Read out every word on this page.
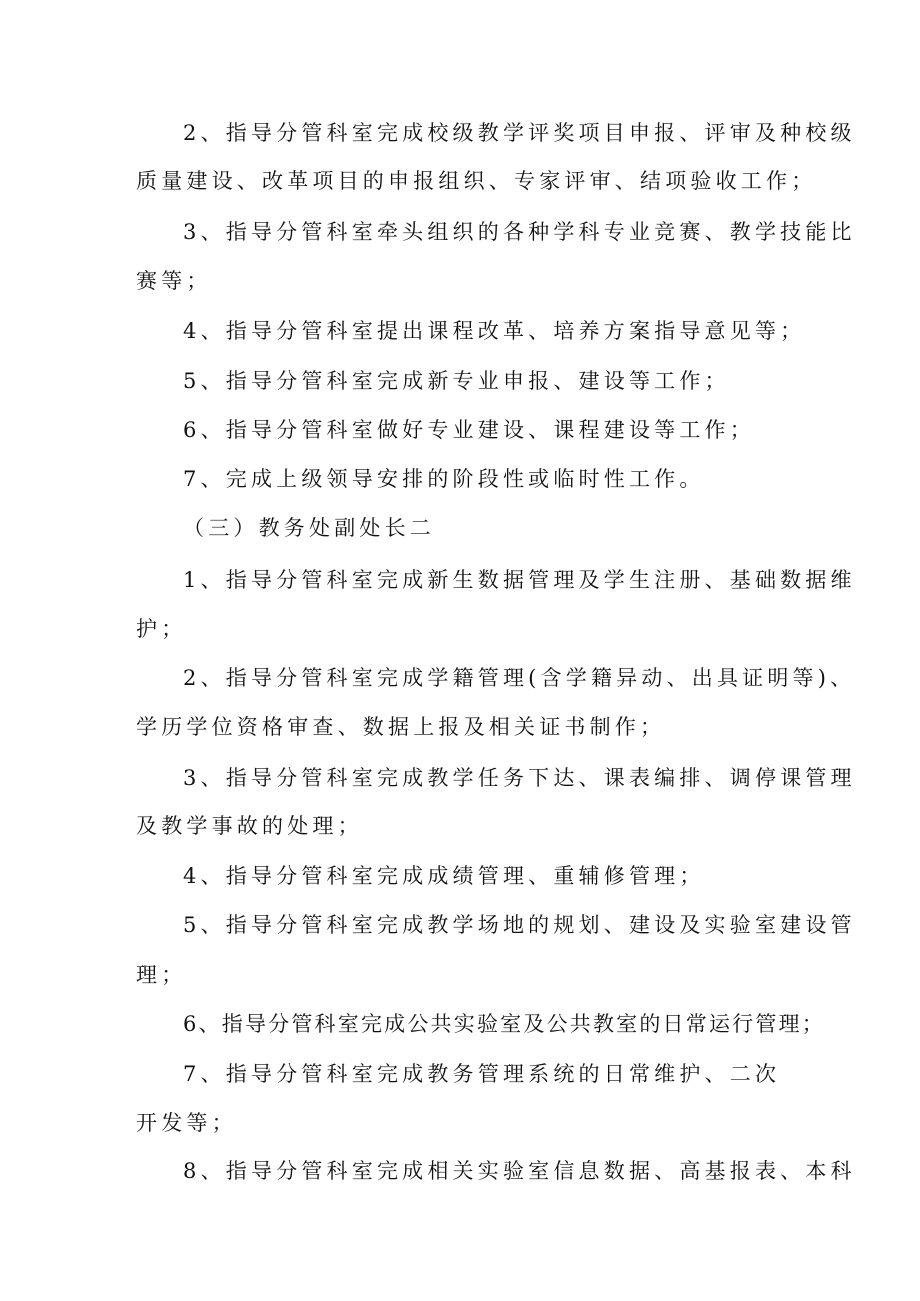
2、指导分管科室完成校级教学评奖项目申报、评审及种校级
质量建设、改革项目的申报组织、专家评审、结项验收工作；
3、指导分管科室牵头组织的各种学科专业竞赛、教学技能比
赛等；
4、指导分管科室提出课程改革、培养方案指导意见等；
5、指导分管科室完成新专业申报、建设等工作；
6、指导分管科室做好专业建设、课程建设等工作；
7、完成上级领导安排的阶段性或临时性工作。
（三）教务处副处长二
1、指导分管科室完成新生数据管理及学生注册、基础数据维
护；
2、指导分管科室完成学籍管理(含学籍异动、出具证明等)、
学历学位资格审查、数据上报及相关证书制作；
3、指导分管科室完成教学任务下达、课表编排、调停课管理
及教学事故的处理；
4、指导分管科室完成成绩管理、重辅修管理；
5、指导分管科室完成教学场地的规划、建设及实验室建设管
理；
6、指导分管科室完成公共实验室及公共教室的日常运行管理；
7、指导分管科室完成教务管理系统的日常维护、二次
开发等；
8、指导分管科室完成相关实验室信息数据、高基报表、本科
